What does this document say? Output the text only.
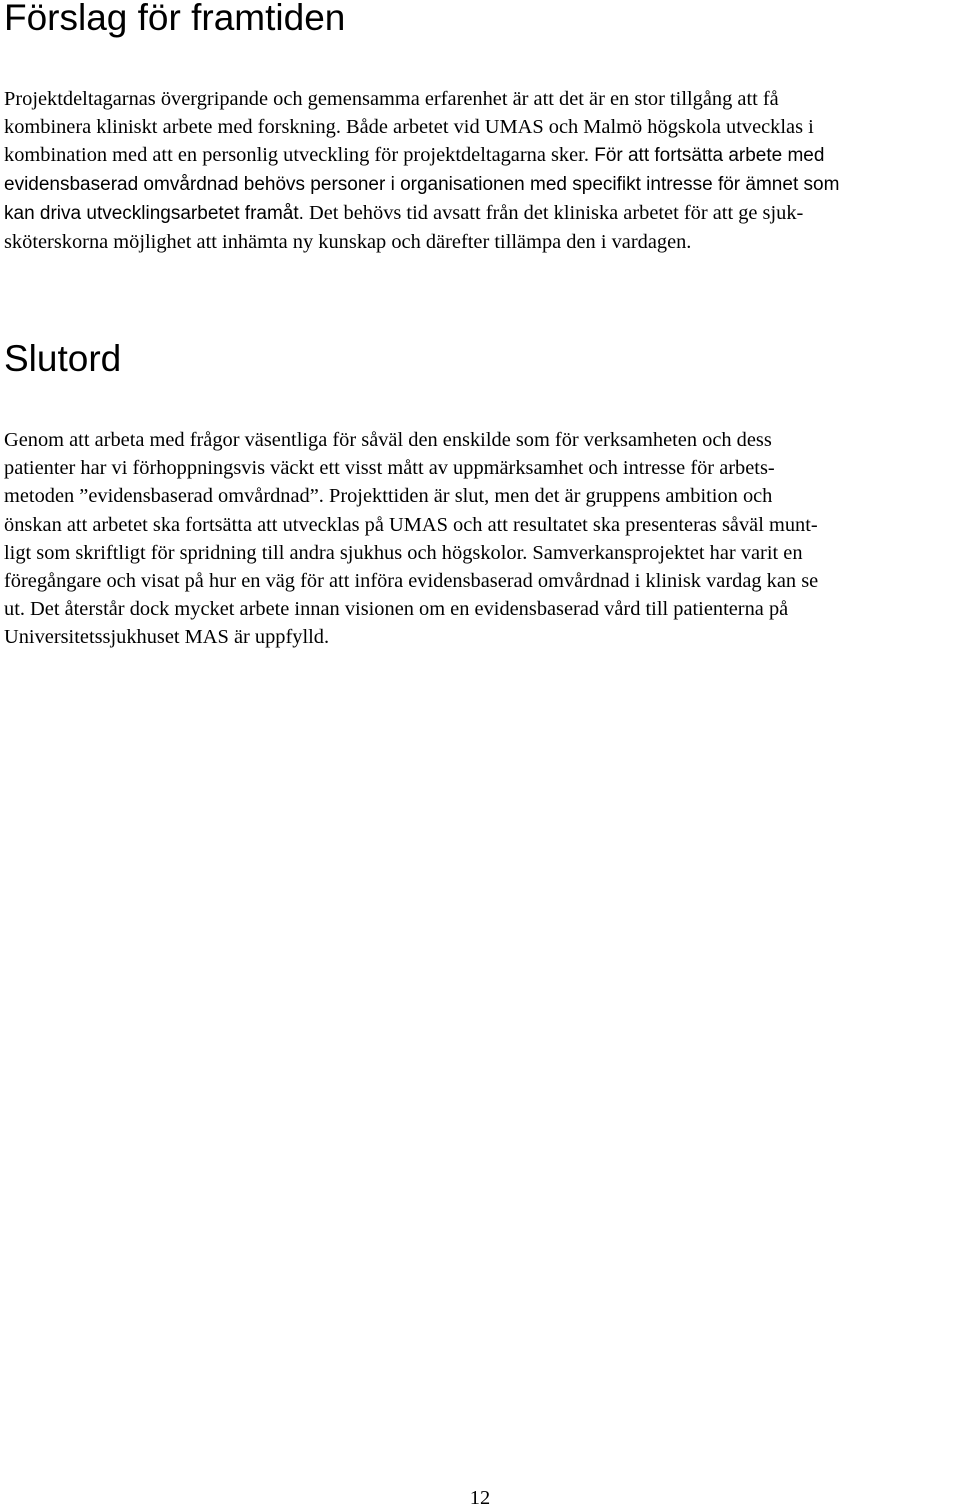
Förslag för framtiden

Projektdeltagarnas övergripande och gemensamma erfarenhet är att det är en stor tillgång att få
kombinera kliniskt arbete med forskning. Både arbetet vid UMAS och Malmö högskola utvecklas i
kombination med att en personlig utveckling för projektdeltagarna sker. För att fortsätta arbete med
evidensbaserad omvårdnad behövs personer i organisationen med specifikt intresse för ämnet som
kan driva utvecklingsarbetet framåt. Det behövs tid avsatt från det kliniska arbetet för att ge sjuk-
sköterskorna möjlighet att inhämta ny kunskap och därefter tillämpa den i vardagen.

Slutord

Genom att arbeta med frågor väsentliga för såväl den enskilde som för verksamheten och dess
patienter har vi förhoppningsvis väckt ett visst mått av uppmärksamhet och intresse för arbets-
metoden ”evidensbaserad omvårdnad”. Projekttiden är slut, men det är gruppens ambition och
önskan att arbetet ska fortsätta att utvecklas på UMAS och att resultatet ska presenteras såväl munt-
ligt som skriftligt för spridning till andra sjukhus och högskolor. Samverkansprojektet har varit en
föregångare och visat på hur en väg för att införa evidensbaserad omvårdnad i klinisk vardag kan se
ut. Det återstår dock mycket arbete innan visionen om en evidensbaserad vård till patienterna på
Universitetssjukhuset MAS är uppfylld.

12
